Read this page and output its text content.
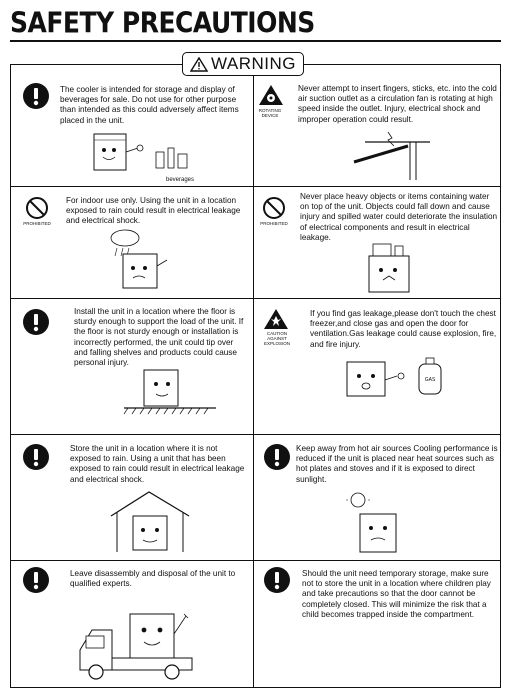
SAFETY PRECAUTIONS
WARNING
The cooler is intended for storage and display of beverages for sale. Do not use for other purpose than intended as this could adversely affect items placed in the unit.
beverages
ROTATING DEVICE
Never attempt to insert fingers, sticks, etc. into the cold air suction outlet as a circulation fan is rotating at high speed inside the outlet. Injury, electrical shock and improper operation could result.
PROHIBITED
For indoor use only. Using the unit in a location exposed to rain could result in electrical leakage and electrical shock.	PROHIBITED
Never place heavy objects or items containing water on top of the unit. Objects could fall down and cause injury and spilled water could deteriorate the insulation of electrical components and result in electrical leakage.
Install the unit in a location where the floor is sturdy enough to support the load of the unit. If the floor is not sturdy enough or installation is incorrectly performed, the unit could tip over and falling shelves and products could cause personal injury.
CAUTION AGAINST EXPLOSION
If you find gas leakage,please don't touch the chest freezer,and close gas and open the door for ventilation.Gas leakage could cause explosion, fire, and fire injury.
GAS
Store the unit in a location where it is not exposed to rain. Using a unit that has been exposed to rain could result in electrical leakage and electrical shock.
Keep away from hot air sources Cooling performance is reduced if the unit is placed near heat sources such as hot plates and stoves and if it is exposed to direct sunlight.
Leave disassembly and disposal of the unit to qualified experts.
Should the unit need temporary storage, make sure not to store the unit in a location where children play and take precautions so that the door cannot be completely closed. This will minimize the risk that a child becomes trapped inside the compartment.
